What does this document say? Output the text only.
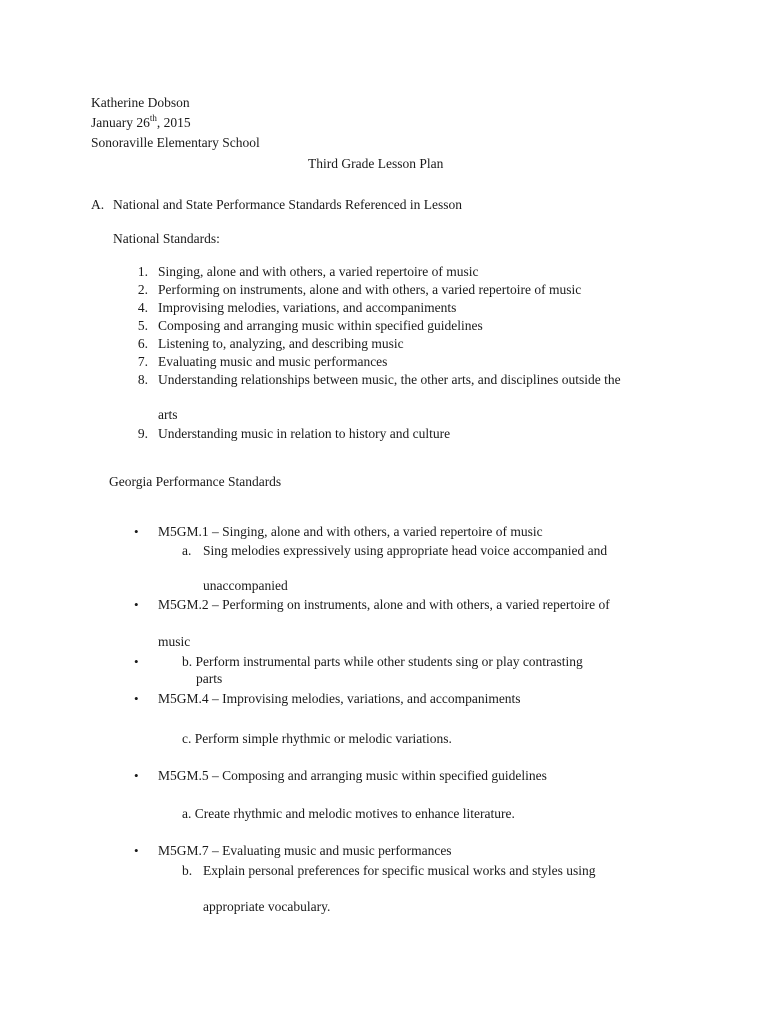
Katherine Dobson
January 26th, 2015
Sonoraville Elementary School
Third Grade Lesson Plan
A. National and State Performance Standards Referenced in Lesson
National Standards:
1. Singing, alone and with others, a varied repertoire of music
2. Performing on instruments, alone and with others, a varied repertoire of music
4. Improvising melodies, variations, and accompaniments
5. Composing and arranging music within specified guidelines
6. Listening to, analyzing, and describing music
7. Evaluating music and music performances
8. Understanding relationships between music, the other arts, and disciplines outside the
arts
9. Understanding music in relation to history and culture
Georgia Performance Standards
• M5GM.1 – Singing, alone and with others, a varied repertoire of music
a. Sing melodies expressively using appropriate head voice accompanied and
unaccompanied
• M5GM.2 – Performing on instruments, alone and with others, a varied repertoire of
music
•	b. Perform instrumental parts while other students sing or play contrasting
parts
• M5GM.4 – Improvising melodies, variations, and accompaniments
c. Perform simple rhythmic or melodic variations.
• M5GM.5 – Composing and arranging music within specified guidelines
a. Create rhythmic and melodic motives to enhance literature.
• M5GM.7 – Evaluating music and music performances
b. Explain personal preferences for specific musical works and styles using
appropriate vocabulary.
